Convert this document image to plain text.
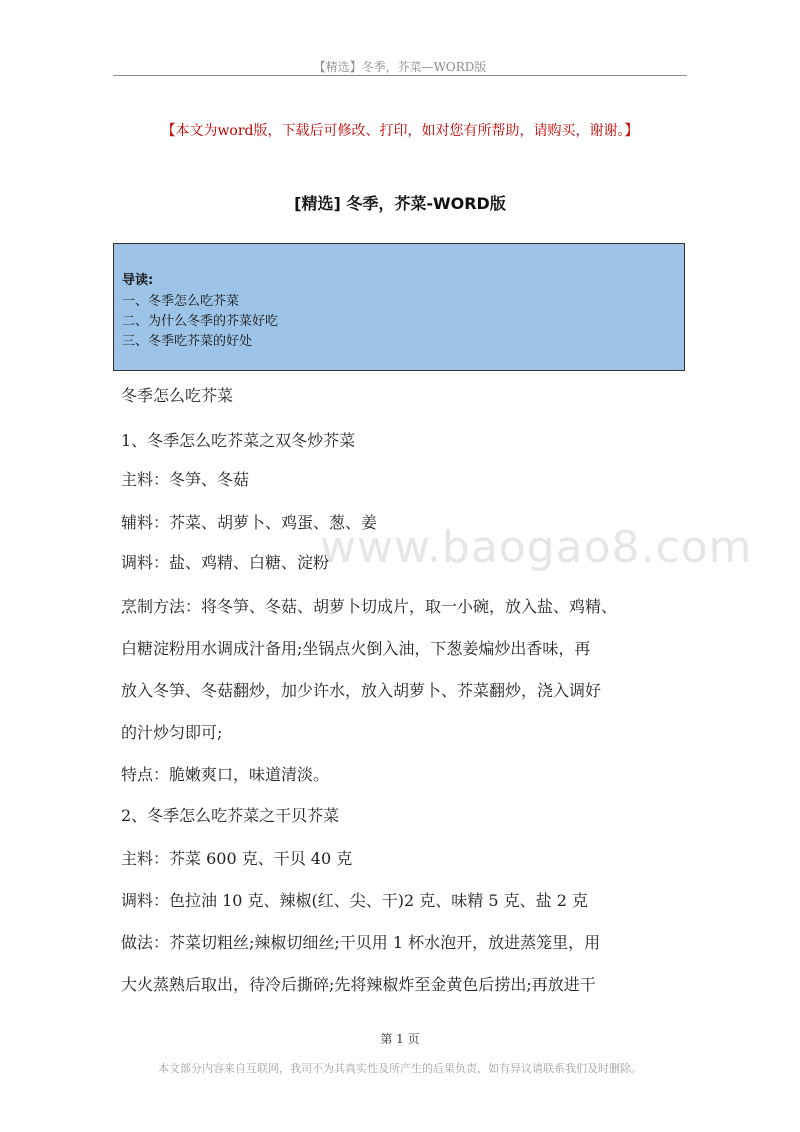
【精选】冬季，芥菜—WORD版
【本文为word版，下载后可修改、打印，如对您有所帮助，请购买，谢谢。】
[精选] 冬季，芥菜-WORD版
导读:
一、冬季怎么吃芥菜
二、为什么冬季的芥菜好吃
三、冬季吃芥菜的好处
www.baogao8.com
冬季怎么吃芥菜
1、冬季怎么吃芥菜之双冬炒芥菜
主料：冬笋、冬菇
辅料：芥菜、胡萝卜、鸡蛋、葱、姜
调料：盐、鸡精、白糖、淀粉
烹制方法：将冬笋、冬菇、胡萝卜切成片，取一小碗，放入盐、鸡精、
白糖淀粉用水调成汁备用;坐锅点火倒入油，下葱姜煸炒出香味，再
放入冬笋、冬菇翻炒，加少许水，放入胡萝卜、芥菜翻炒，浇入调好
的汁炒匀即可;
特点：脆嫩爽口，味道清淡。
2、冬季怎么吃芥菜之干贝芥菜
主料：芥菜 600 克、干贝 40 克
调料：色拉油 10 克、辣椒(红、尖、干)2 克、味精 5 克、盐 2 克
做法：芥菜切粗丝;辣椒切细丝;干贝用 1 杯水泡开，放进蒸笼里，用
大火蒸熟后取出，待冷后撕碎;先将辣椒炸至金黄色后捞出;再放进干
第 1 页
本文部分内容来自互联网，我司不为其真实性及所产生的后果负责，如有异议请联系我们及时删除。
